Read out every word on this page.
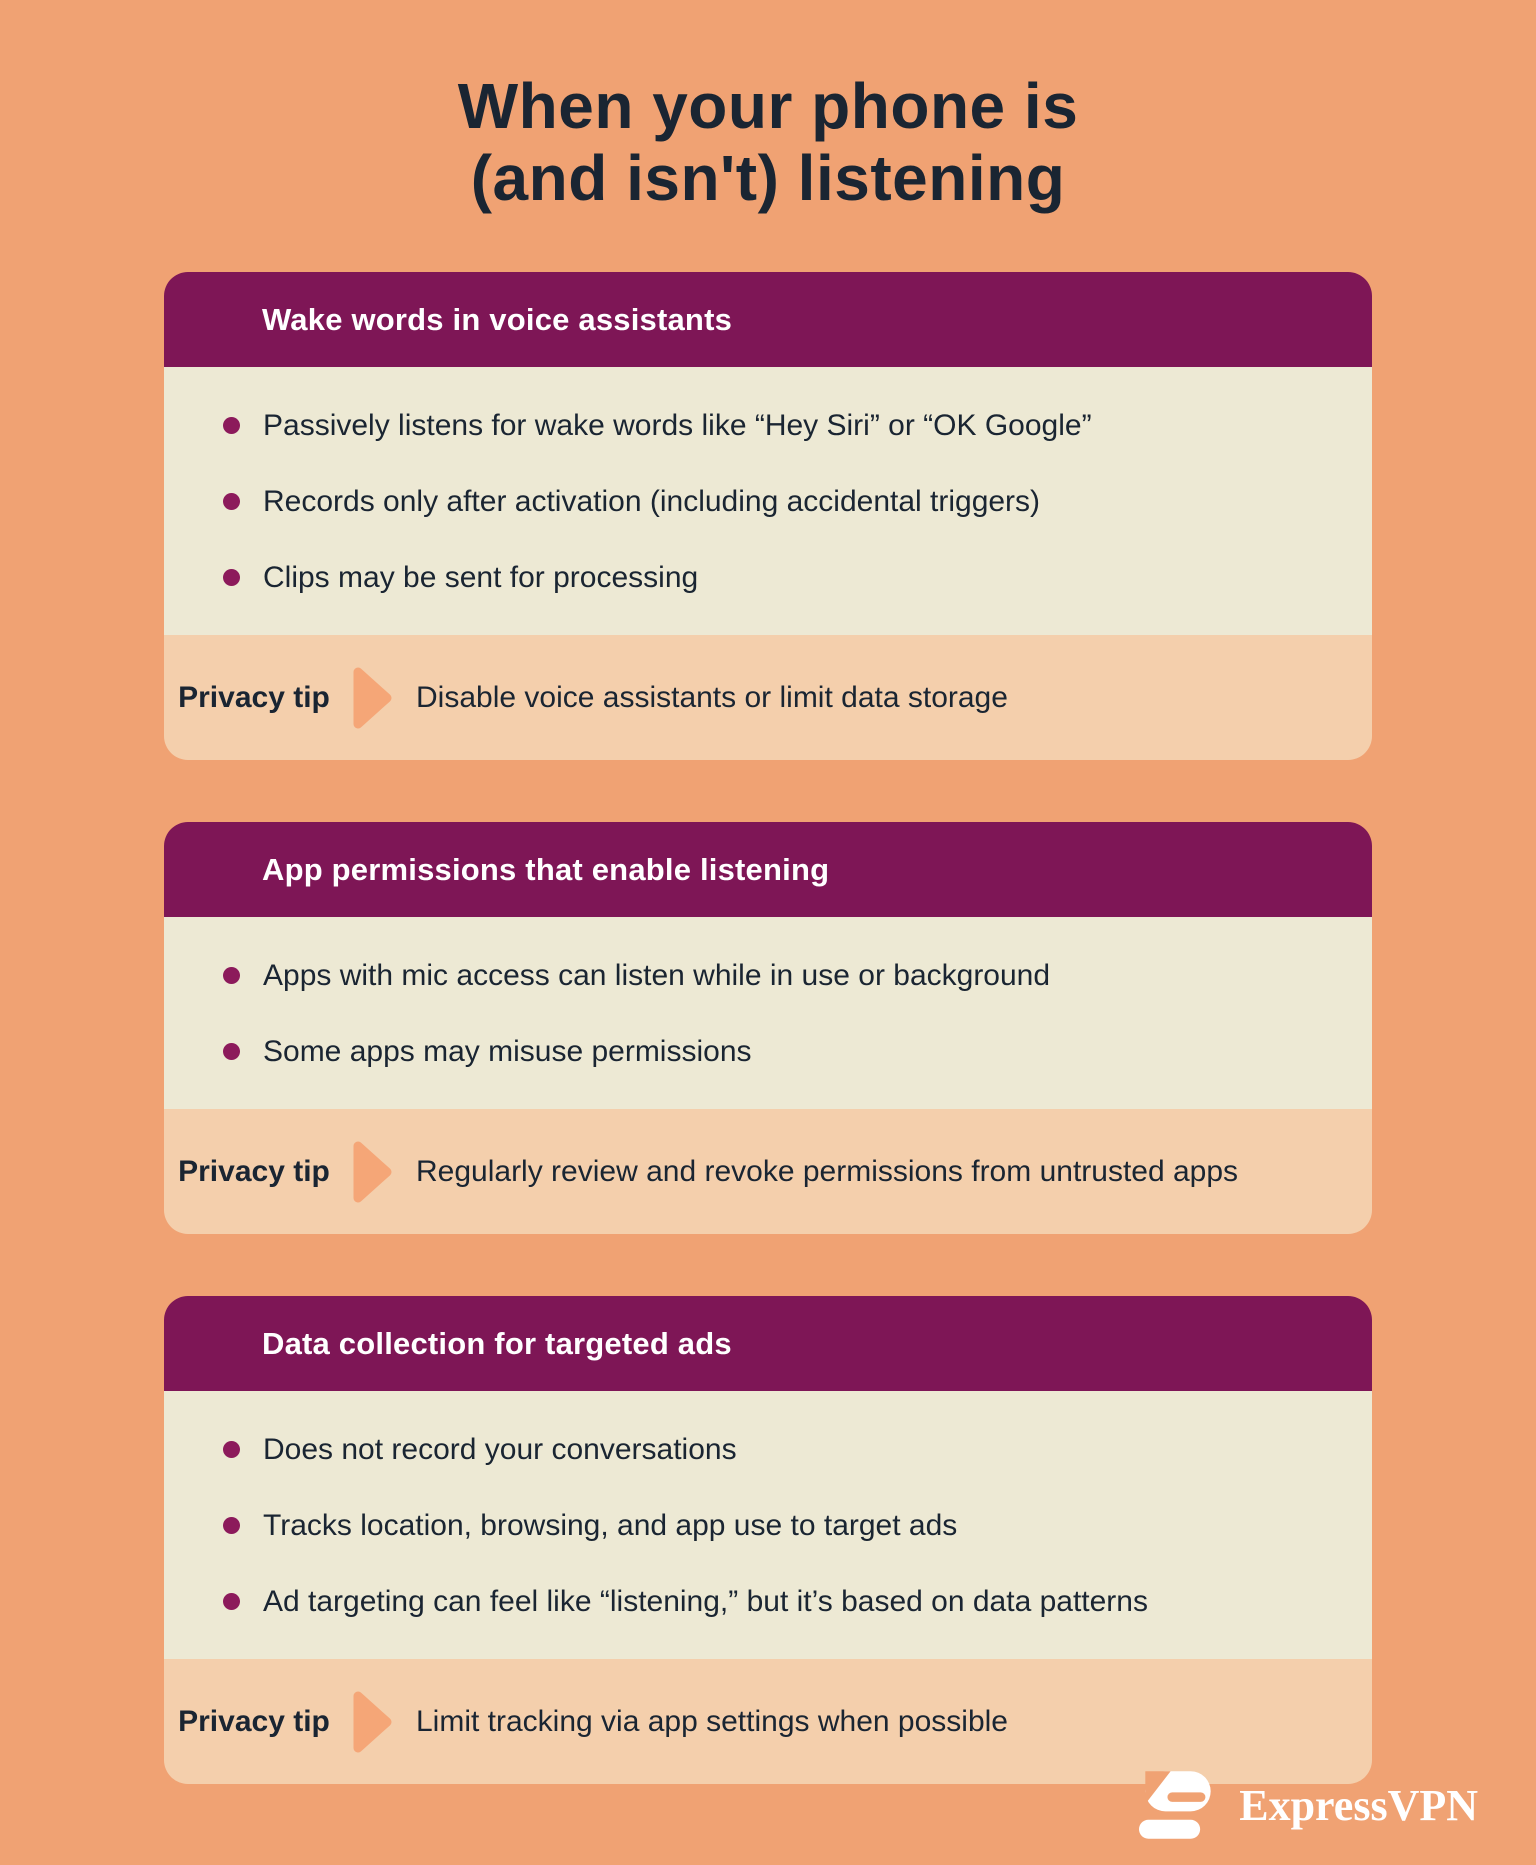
When your phone is
(and isn't) listening
Wake words in voice assistants
Passively listens for wake words like “Hey Siri” or “OK Google”
Records only after activation (including accidental triggers)
Clips may be sent for processing
Privacy tip	Disable voice assistants or limit data storage
App permissions that enable listening
Apps with mic access can listen while in use or background
Some apps may misuse permissions
Privacy tip	Regularly review and revoke permissions from untrusted apps
Data collection for targeted ads
Does not record your conversations
Tracks location, browsing, and app use to target ads
Ad targeting can feel like “listening,” but it’s based on data patterns
Privacy tip	Limit tracking via app settings when possible
ExpressVPN
